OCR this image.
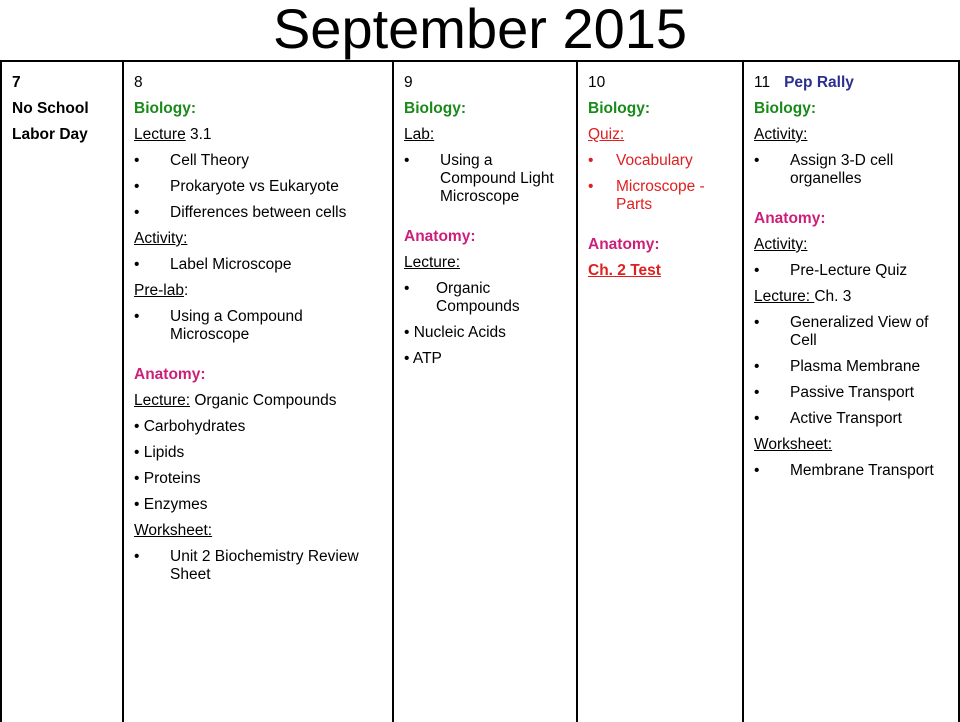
September 2015
7
No School
Labor Day
8
Biology:
Lecture 3.1
• Cell Theory
• Prokaryote vs Eukaryote
• Differences between cells
Activity:
• Label Microscope
Pre-lab:
• Using a Compound Microscope
Anatomy:
Lecture: Organic Compounds
• Carbohydrates
• Lipids
• Proteins
• Enzymes
Worksheet:
• Unit 2 Biochemistry Review Sheet
9
Biology:
Lab:
• Using a Compound Light Microscope
Anatomy:
Lecture:
• Organic Compounds
• Nucleic Acids
• ATP
10
Biology:
Quiz:
• Vocabulary
• Microscope - Parts
Anatomy:
Ch. 2 Test
11 Pep Rally
Biology:
Activity:
• Assign 3-D cell organelles
Anatomy:
Activity:
• Pre-Lecture Quiz
Lecture: Ch. 3
• Generalized View of Cell
• Plasma Membrane
• Passive Transport
• Active Transport
Worksheet:
• Membrane Transport
